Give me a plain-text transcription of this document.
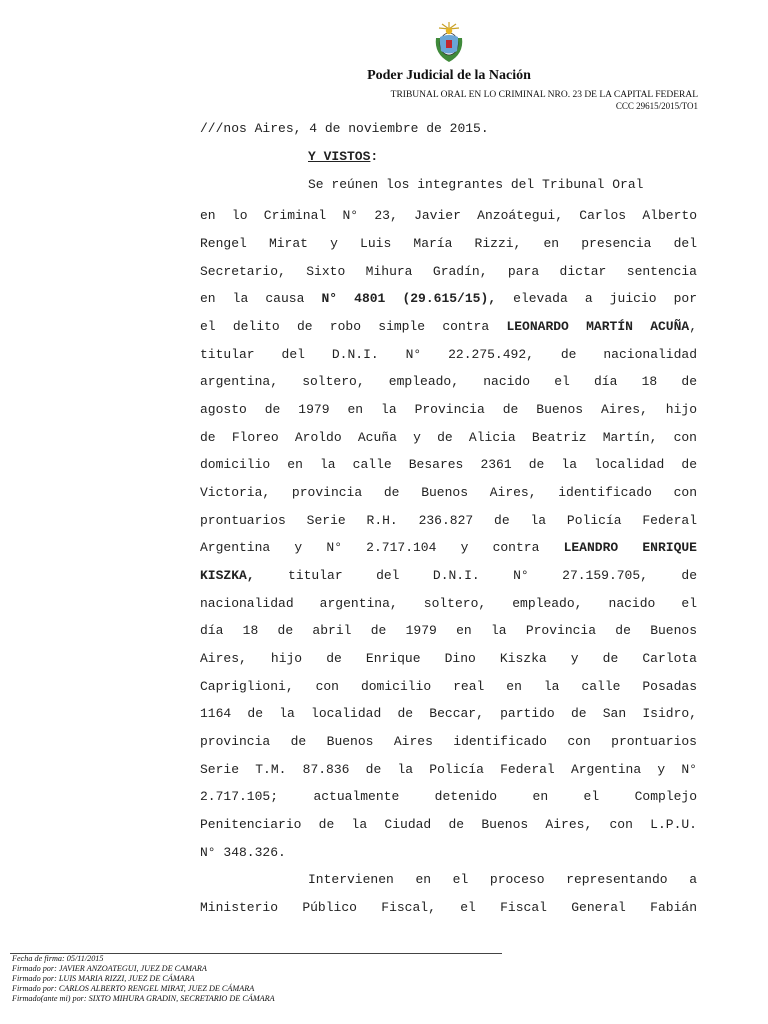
Poder Judicial de la Nación
TRIBUNAL ORAL EN LO CRIMINAL NRO. 23 DE LA CAPITAL FEDERAL
CCC 29615/2015/TO1
///nos Aires, 4 de noviembre de 2015.
Y VISTOS:
Se reúnen los integrantes del Tribunal Oral
en lo Criminal N° 23, Javier Anzoátegui, Carlos Alberto
Rengel Mirat y Luis María Rizzi, en presencia del
Secretario, Sixto Mihura Gradín, para dictar sentencia
en la causa N° 4801 (29.615/15), elevada a juicio por
el delito de robo simple contra LEONARDO MARTÍN ACUÑA,
titular del D.N.I. N° 22.275.492, de nacionalidad
argentina, soltero, empleado, nacido el día 18 de
agosto de 1979 en la Provincia de Buenos Aires, hijo
de Floreo Aroldo Acuña y de Alicia Beatriz Martín, con
domicilio en la calle Besares 2361 de la localidad de
Victoria, provincia de Buenos Aires, identificado con
prontuarios Serie R.H. 236.827 de la Policía Federal
Argentina y N° 2.717.104 y contra LEANDRO ENRIQUE
KISZKA, titular del D.N.I. N° 27.159.705, de
nacionalidad argentina, soltero, empleado, nacido el
día 18 de abril de 1979 en la Provincia de Buenos
Aires, hijo de Enrique Dino Kiszka y de Carlota
Capriglioni, con domicilio real en la calle Posadas
1164 de la localidad de Beccar, partido de San Isidro,
provincia de Buenos Aires identificado con prontuarios
Serie T.M. 87.836 de la Policía Federal Argentina y N°
2.717.105; actualmente detenido en el Complejo
Penitenciario de la Ciudad de Buenos Aires, con L.P.U.
N° 348.326.
Intervienen en el proceso representando a
Ministerio Público Fiscal, el Fiscal General Fabián
Fecha de firma: 05/11/2015
Firmado por: JAVIER ANZOATEGUI, JUEZ DE CAMARA
Firmado por: LUIS MARIA RIZZI, JUEZ DE CÁMARA
Firmado por: CARLOS ALBERTO RENGEL MIRAT, JUEZ DE CÁMARA
Firmado(ante mi) por: SIXTO MIHURA GRADIN, SECRETARIO DE CÁMARA
